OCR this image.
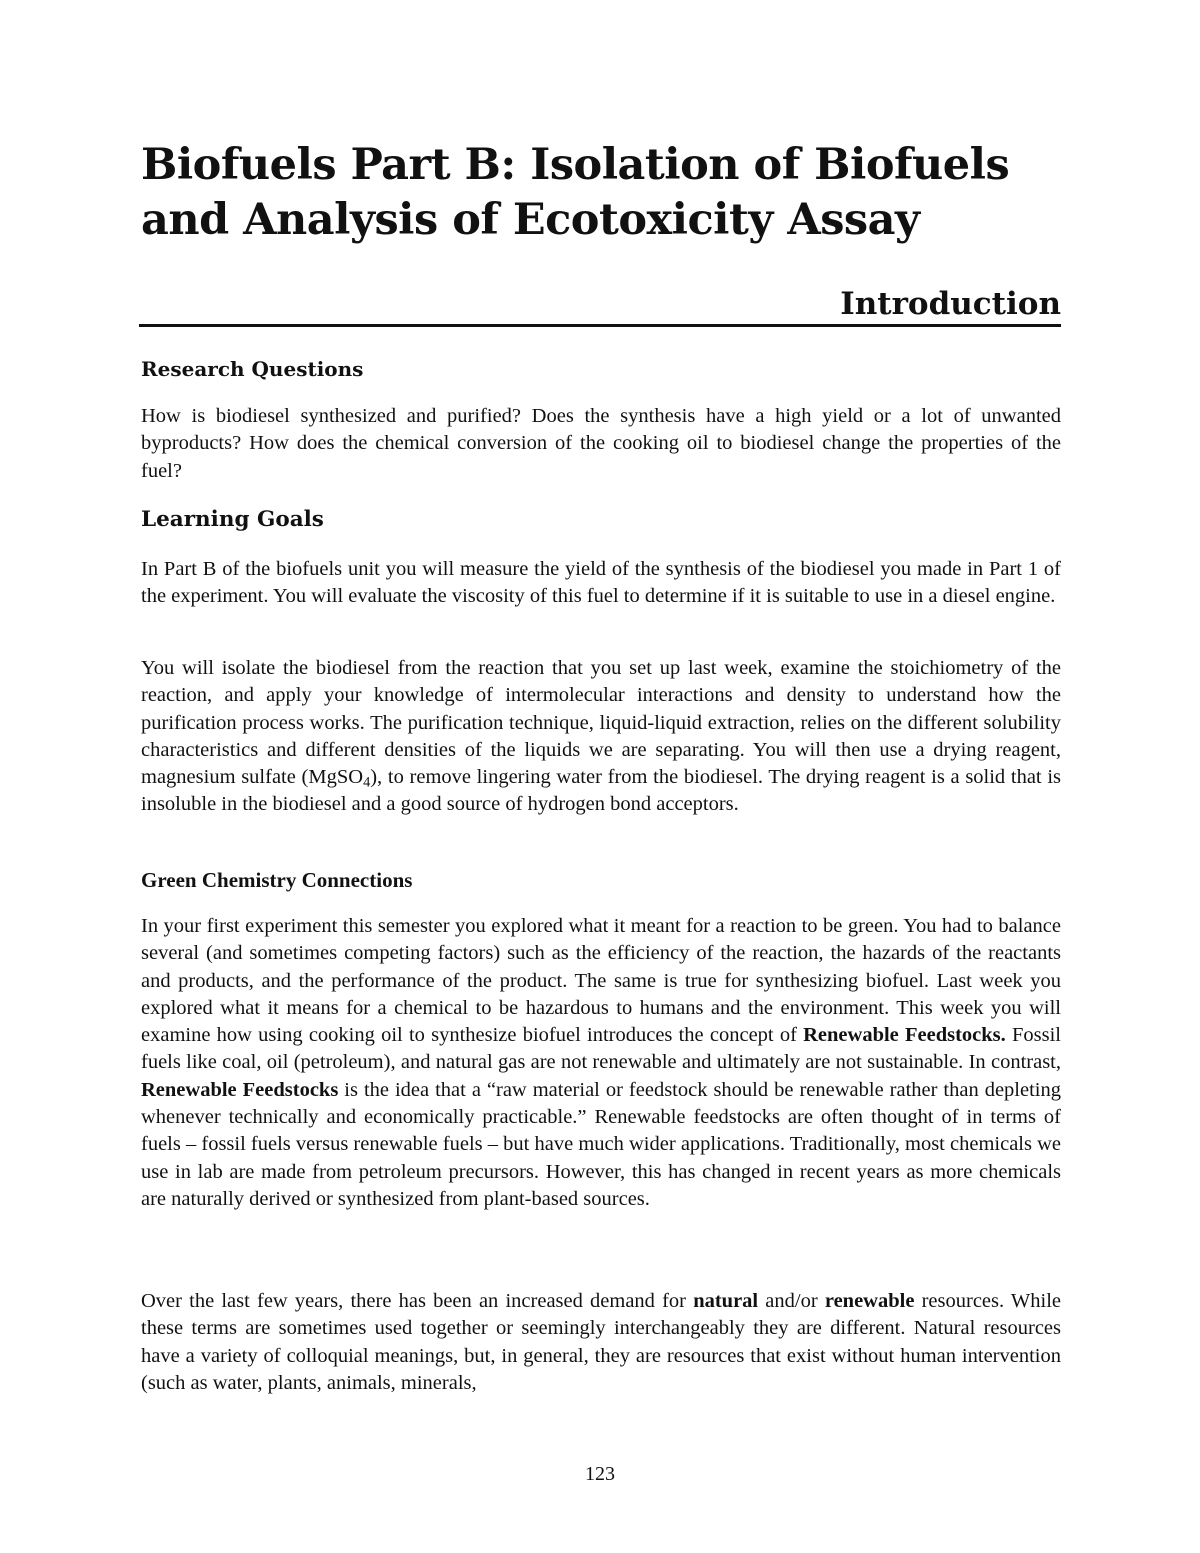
Biofuels Part B: Isolation of Biofuels and Analysis of Ecotoxicity Assay
Introduction
Research Questions

How is biodiesel synthesized and purified? Does the synthesis have a high yield or a lot of unwanted byproducts? How does the chemical conversion of the cooking oil to biodiesel change the properties of the fuel?

Learning Goals

In Part B of the biofuels unit you will measure the yield of the synthesis of the biodiesel you made in Part 1 of the experiment. You will evaluate the viscosity of this fuel to determine if it is suitable to use in a diesel engine.

You will isolate the biodiesel from the reaction that you set up last week, examine the stoichiometry of the reaction, and apply your knowledge of intermolecular interactions and density to understand how the purification process works. The purification technique, liquid-liquid extraction, relies on the different solubility characteristics and different densities of the liquids we are separating. You will then use a drying reagent, magnesium sulfate (MgSO$_4$), to remove lingering water from the biodiesel. The drying reagent is a solid that is insoluble in the biodiesel and a good source of hydrogen bond acceptors.

Green Chemistry Connections

In your first experiment this semester you explored what it meant for a reaction to be green. You had to balance several (and sometimes competing factors) such as the efficiency of the reaction, the hazards of the reactants and products, and the performance of the product. The same is true for synthesizing biofuel. Last week you explored what it means for a chemical to be hazardous to humans and the environment. This week you will examine how using cooking oil to synthesize biofuel introduces the concept of Renewable Feedstocks. Fossil fuels like coal, oil (petroleum), and natural gas are not renewable and ultimately are not sustainable. In contrast, Renewable Feedstocks is the idea that a “raw material or feedstock should be renewable rather than depleting whenever technically and economically practicable.” Renewable feedstocks are often thought of in terms of fuels – fossil fuels versus renewable fuels – but have much wider applications. Traditionally, most chemicals we use in lab are made from petroleum precursors. However, this has changed in recent years as more chemicals are naturally derived or synthesized from plant-based sources.

Over the last few years, there has been an increased demand for natural and/or renewable resources. While these terms are sometimes used together or seemingly interchangeably they are different. Natural resources have a variety of colloquial meanings, but, in general, they are resources that exist without human intervention (such as water, plants, animals, minerals,

123
